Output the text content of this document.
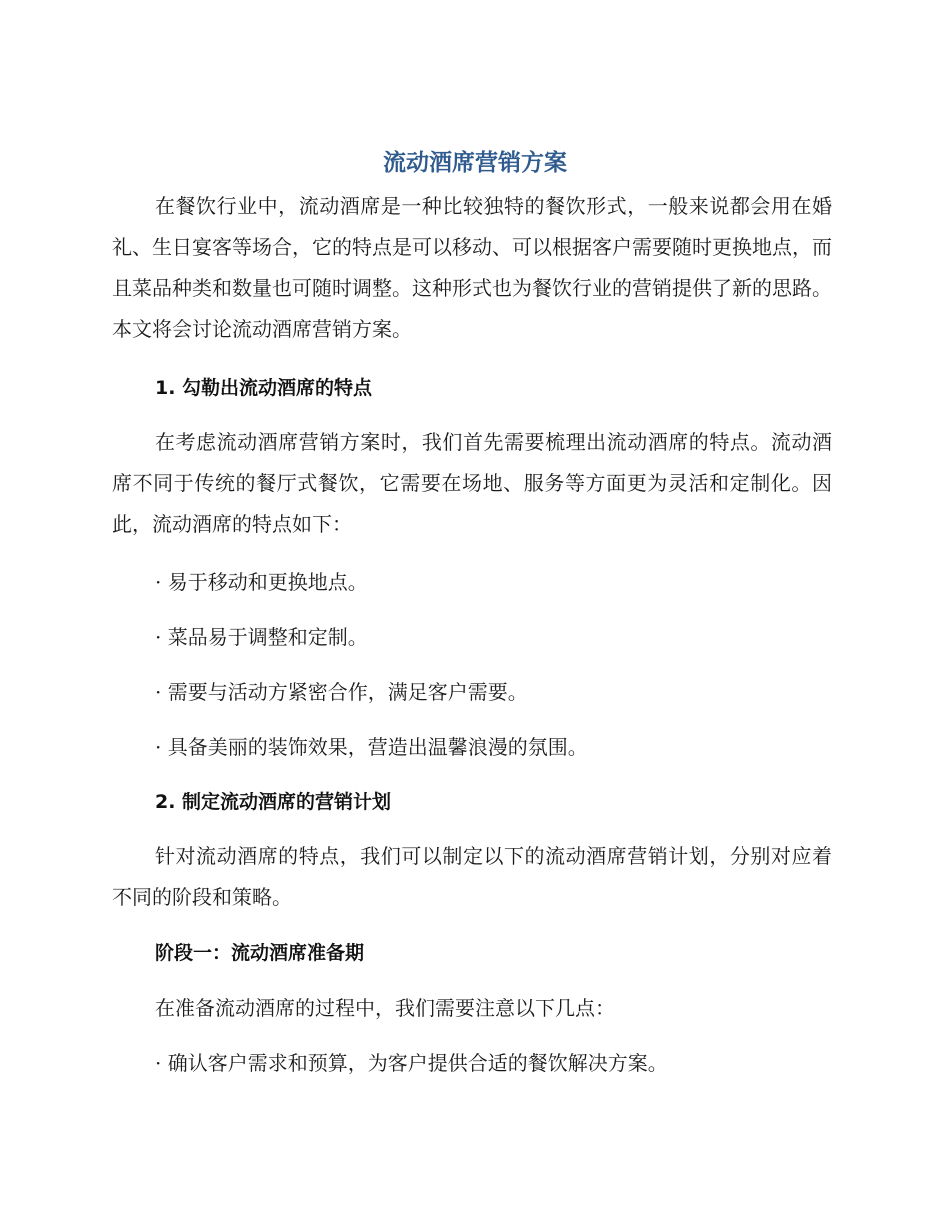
流动酒席营销方案

在餐饮行业中，流动酒席是一种比较独特的餐饮形式，一般来说都会用在婚礼、生日宴客等场合，它的特点是可以移动、可以根据客户需要随时更换地点，而且菜品种类和数量也可随时调整。这种形式也为餐饮行业的营销提供了新的思路。本文将会讨论流动酒席营销方案。

1. 勾勒出流动酒席的特点

在考虑流动酒席营销方案时，我们首先需要梳理出流动酒席的特点。流动酒席不同于传统的餐厅式餐饮，它需要在场地、服务等方面更为灵活和定制化。因此，流动酒席的特点如下：

· 易于移动和更换地点。
· 菜品易于调整和定制。
· 需要与活动方紧密合作，满足客户需要。
· 具备美丽的装饰效果，营造出温馨浪漫的氛围。
2. 制定流动酒席的营销计划

针对流动酒席的特点，我们可以制定以下的流动酒席营销计划，分别对应着不同的阶段和策略。

阶段一：流动酒席准备期
在准备流动酒席的过程中，我们需要注意以下几点：
· 确认客户需求和预算，为客户提供合适的餐饮解决方案。
